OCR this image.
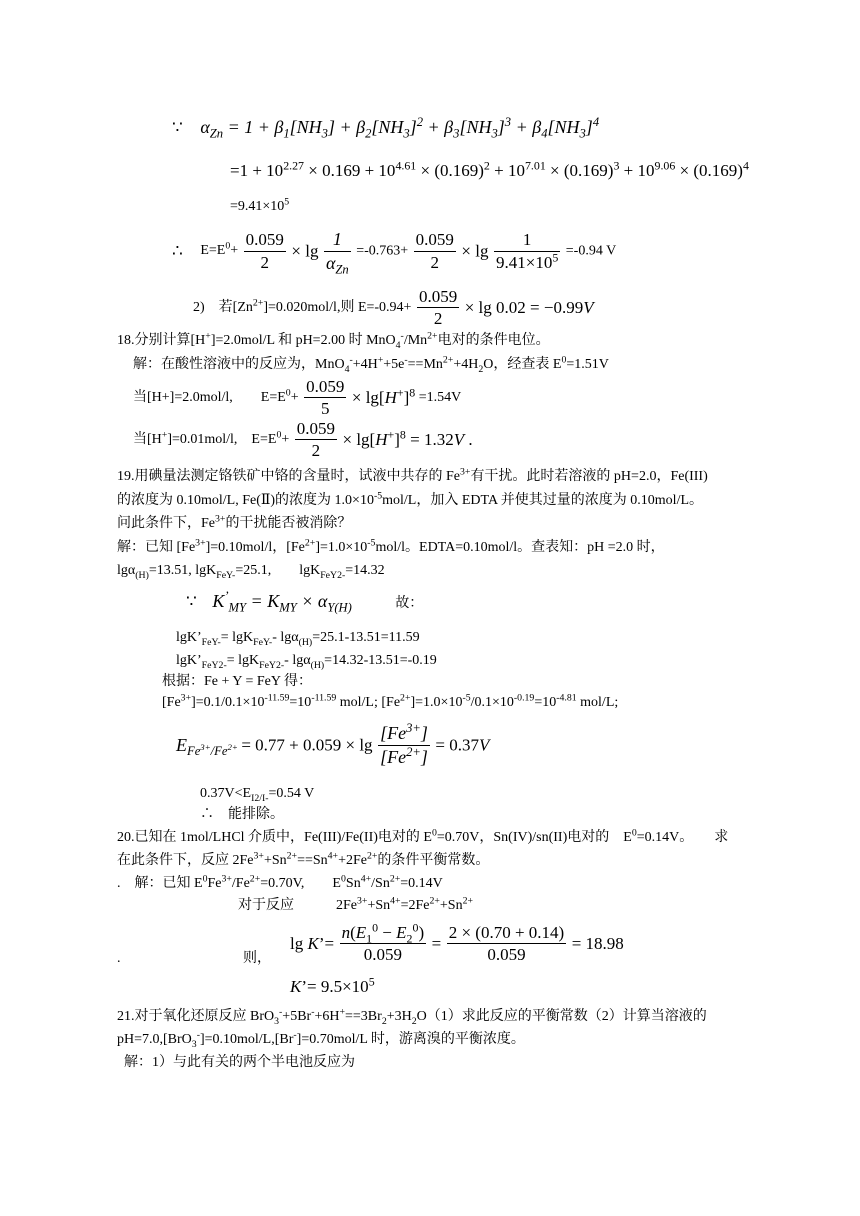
∵ $\alpha_{Zn} = 1 + \beta_1[NH_3] + \beta_2[NH_3]^2 + \beta_3[NH_3]^3 + \beta_4[NH_3]^4$
$=1 + 10^{2.27} \times 0.169 + 10^{4.61} \times (0.169)^2 + 10^{7.01} \times (0.169)^3 + 10^{9.06} \times (0.169)^4$
$=9.41\times 10^5$
∴ $E=E^0+ \frac{0.059}{2} \times \lg \frac{1}{\alpha_{Zn}} =-0.763+ \frac{0.059}{2} \times \lg \frac{1}{9.41\times 10^5} =-0.94$ V
2)　若$[Zn^{2+}]=0.020mol/l$,则 $E=-0.94+ \frac{0.059}{2} \times \lg 0.02 = -0.99V$
18.分别计算[H+]=2.0mol/L 和 pH=2.00 时 $MnO_4^-/Mn^{2+}$电对的条件电位。
解：在酸性溶液中的反应为，$MnO_4^-+4H^++5e^-==Mn^{2+}+4H_2O$，经查表 $E^0=1.51V$
当[H+]=2.0mol/l,　　$E=E^0+ \frac{0.059}{5} \times \lg[H^+]^8 =1.54V$
当[H+]=0.01mol/l,　$E=E^0+ \frac{0.059}{2} \times \lg[H^+]^8 = 1.32V$ .
19.用碘量法测定铬铁矿中铬的含量时，试液中共存的 $Fe^{3+}$有干扰。此时若溶液的 pH=2.0，Fe(III)
的浓度为 0.10mol/L, Fe(Ⅱ)的浓度为 $1.0\times 10^{-5}mol/L$，加入 EDTA 并使其过量的浓度为 0.10mol/L。
问此条件下，$Fe^{3+}$的干扰能否被消除？
解：已知 $[Fe^{3+}]=0.10mol/l$，$[Fe^{2+}]=1.0\times 10^{-5}mol/l$。EDTA=0.10mol/l。查表知：pH =2.0 时，
lgα$_{(H)}$=13.51, lgK$_{FeY-}$=25.1,　　lgK$_{FeY2-}$=14.32
∵ $K^’_{MY} = K_{MY} \times \alpha_{Y(H)}$	故：
$\lg K’_{FeY-}= \lg K_{FeY-}-$ lgα$_{(H)}$=25.1-13.51=11.59
$\lg K’_{FeY2-}= \lg K_{FeY2-}-$ lgα$_{(H)}$=14.32-13.51=-0.19
根据：Fe + Y = FeY 得：
$[Fe^{3+}]=0.1/0.1\times 10^{-11.59}=10^{-11.59}$ mol/L; $[Fe^{2+}]=1.0\times 10^{-5}/0.1\times 10^{-0.19}=10^{-4.81}$ mol/L;
$E_{Fe^{3+}/Fe^{2+}} = 0.77 + 0.059 \times \lg \frac{[Fe^{3+}]}{[Fe^{2+}]} = 0.37V$
$0.37V<E_{I2/I-}=0.54$ V
∴　能排除。
20.已知在 1mol/LHCl 介质中，Fe(III)/Fe(II)电对的 $E^0=0.70V$，Sn(IV)/sn(II)电对的　$E^0=0.14V$。　　求
在此条件下，反应 $2Fe^{3+}+Sn^{2+}==Sn^{4+}+2Fe^{2+}$的条件平衡常数。
.　解：已知 $E^0Fe^{3+}/Fe^{2+}=0.70V$,　　$E^0Sn^{4+}/Sn^{2+}=0.14V$
对于反应　　　$2Fe^{3+}+Sn^{4+}=2Fe^{2+}+Sn^{2+}$
.	则，
lg K’= $\frac{n(E_1^0 - E_2^0)}{0.059} = \frac{2 \times (0.70 + 0.14)}{0.059} = 18.98$
K’= $9.5\times 10^5$
21.对于氧化还原反应 $BrO_3^-+5Br^-+6H^+==3Br_2+3H_2O(1)$求此反应的平衡常数（2）计算当溶液的
pH=7.0,[BrO$_3$-]=0.10mol/L,[Br-]=0.70mol/L 时，游离溴的平衡浓度。
解：1）与此有关的两个半电池反应为
